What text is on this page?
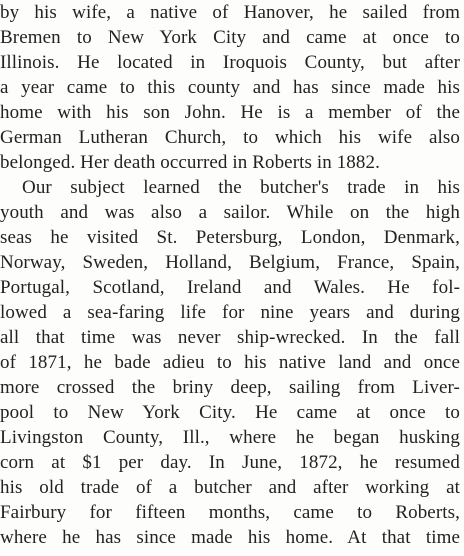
by his wife, a native of Hanover, he sailed from
Bremen to New York City and came at once to
Illinois. He located in Iroquois County, but after
a year came to this county and has since made his
home with his son John. He is a member of the
German Lutheran Church, to which his wife also
belonged. Her death occurred in Roberts in 1882.
Our subject learned the butcher's trade in his
youth and was also a sailor. While on the high
seas he visited St. Petersburg, London, Denmark,
Norway, Sweden, Holland, Belgium, France, Spain,
Portugal, Scotland, Ireland and Wales. He fol-
lowed a sea-faring life for nine years and during
all that time was never ship-wrecked. In the fall
of 1871, he bade adieu to his native land and once
more crossed the briny deep, sailing from Liver-
pool to New York City. He came at once to
Livingston County, Ill., where he began husking
corn at $1 per day. In June, 1872, he resumed
his old trade of a butcher and after working at
Fairbury for fifteen months, came to Roberts,
where he has since made his home. At that time
